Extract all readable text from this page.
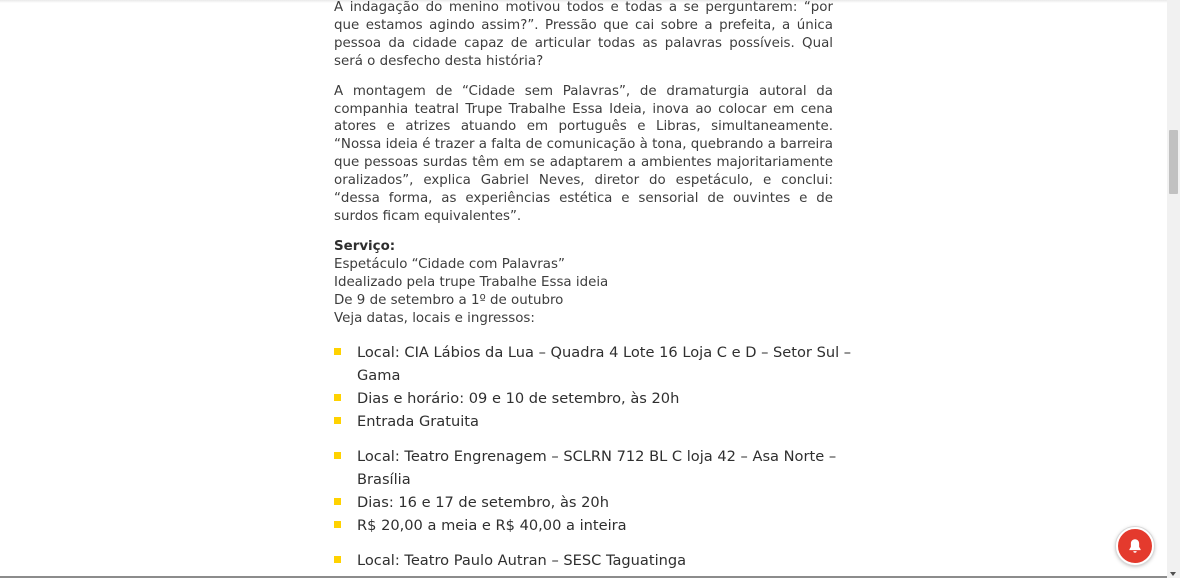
A indagação do menino motivou todos e todas a se perguntarem: “por que estamos agindo assim?”. Pressão que cai sobre a prefeita, a única pessoa da cidade capaz de articular todas as palavras possíveis. Qual será o desfecho desta história?

A montagem de “Cidade sem Palavras”, de dramaturgia autoral da companhia teatral Trupe Trabalhe Essa Ideia, inova ao colocar em cena atores e atrizes atuando em português e Libras, simultaneamente. “Nossa ideia é trazer a falta de comunicação à tona, quebrando a barreira que pessoas surdas têm em se adaptarem a ambientes majoritariamente oralizados”, explica Gabriel Neves, diretor do espetáculo, e conclui: “dessa forma, as experiências estética e sensorial de ouvintes e de surdos ficam equivalentes”.

Serviço:
Espetáculo “Cidade com Palavras”
Idealizado pela trupe Trabalhe Essa ideia
De 9 de setembro a 1º de outubro
Veja datas, locais e ingressos:
Local: CIA Lábios da Lua – Quadra 4 Lote 16 Loja C e D – Setor Sul – Gama
Dias e horário: 09 e 10 de setembro, às 20h
Entrada Gratuita
Local: Teatro Engrenagem – SCLRN 712 BL C loja 42 – Asa Norte – Brasília
Dias: 16 e 17 de setembro, às 20h
R$ 20,00 a meia e R$ 40,00 a inteira
Local: Teatro Paulo Autran – SESC Taguatinga
